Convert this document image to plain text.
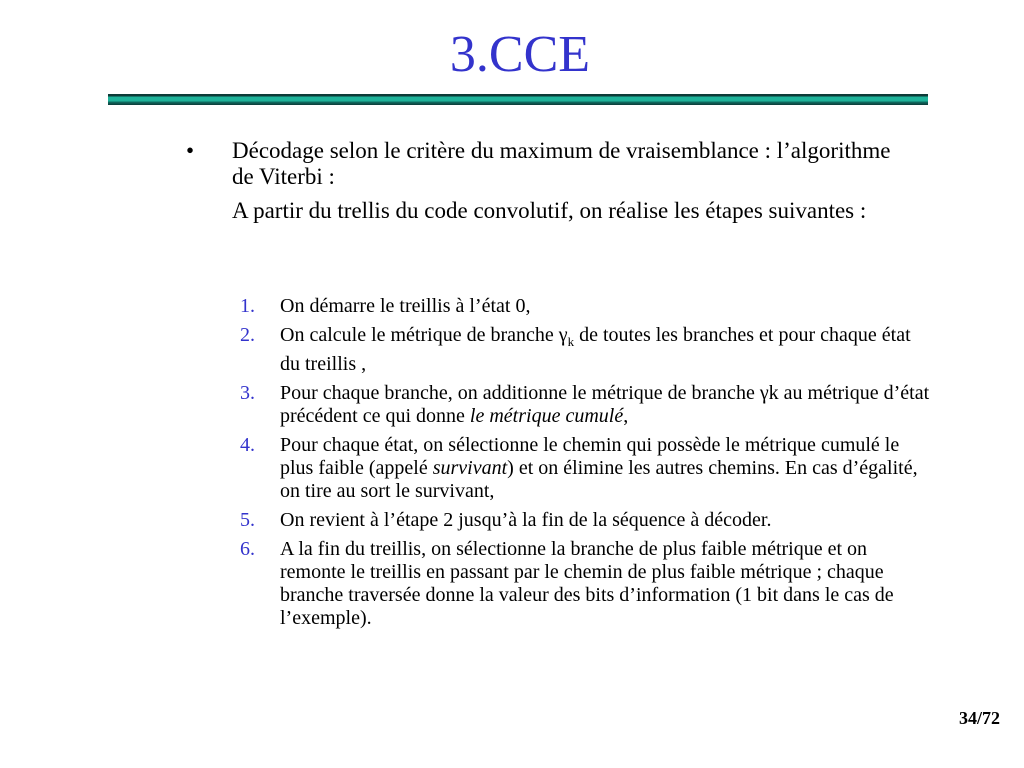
3.CCE
• Décodage selon le critère du maximum de vraisemblance : l’algorithme de Viterbi :
A partir du trellis du code convolutif, on réalise les étapes suivantes :
1. On démarre le treillis à l’état 0,
2. On calcule le métrique de branche $\gamma_k$ de toutes les branches et pour chaque état du treillis ,
3. Pour chaque branche, on additionne le métrique de branche γk au métrique d’état précédent ce qui donne le métrique cumulé,
4. Pour chaque état, on sélectionne le chemin qui possède le métrique cumulé le plus faible (appelé survivant) et on élimine les autres chemins. En cas d’égalité, on tire au sort le survivant,
5. On revient à l’étape 2 jusqu’à la fin de la séquence à décoder.
6. A la fin du treillis, on sélectionne la branche de plus faible métrique et on remonte le treillis en passant par le chemin de plus faible métrique ; chaque branche traversée donne la valeur des bits d’information (1 bit dans le cas de l’exemple).
34/72
